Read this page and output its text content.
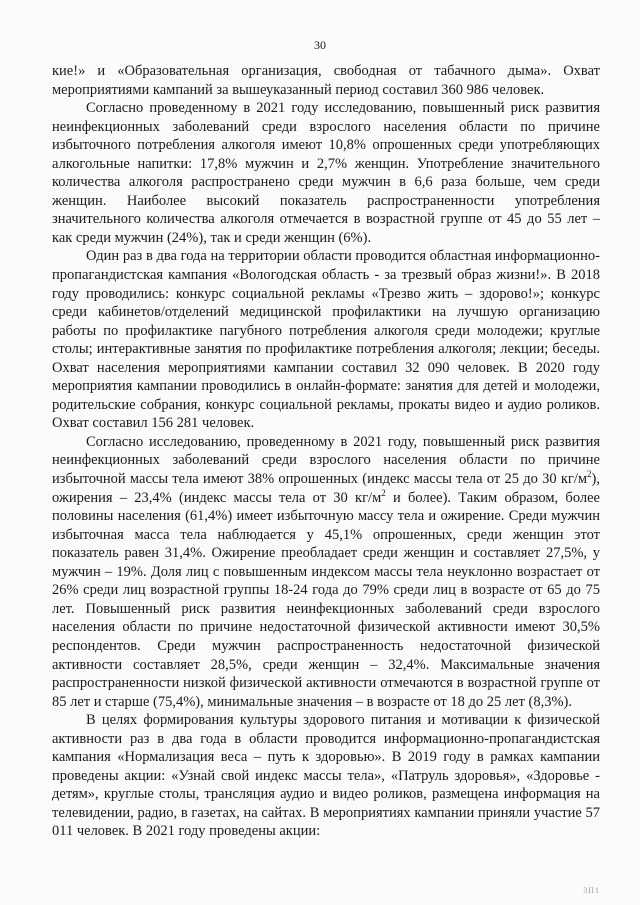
30

кие!» и «Образовательная организация, свободная от табачного дыма». Охват мероприятиями кампаний за вышеуказанный период составил 360 986 человек.

Согласно проведенному в 2021 году исследованию, повышенный риск развития неинфекционных заболеваний среди взрослого населения области по причине избыточного потребления алкоголя имеют 10,8% опрошенных среди употребляющих алкогольные напитки: 17,8% мужчин и 2,7% женщин. Употребление значительного количества алкоголя распространено среди мужчин в 6,6 раза больше, чем среди женщин. Наиболее высокий показатель распространенности употребления значительного количества алкоголя отмечается в возрастной группе от 45 до 55 лет – как среди мужчин (24%), так и среди женщин (6%).

Один раз в два года на территории области проводится областная информационно-пропагандистская кампания «Вологодская область - за трезвый образ жизни!». В 2018 году проводились: конкурс социальной рекламы «Трезво жить – здорово!»; конкурс среди кабинетов/отделений медицинской профилактики на лучшую организацию работы по профилактике пагубного потребления алкоголя среди молодежи; круглые столы; интерактивные занятия по профилактике потребления алкоголя; лекции; беседы. Охват населения мероприятиями кампании составил 32 090 человек. В 2020 году мероприятия кампании проводились в онлайн-формате: занятия для детей и молодежи, родительские собрания, конкурс социальной рекламы, прокаты видео и аудио роликов. Охват составил 156 281 человек.

Согласно исследованию, проведенному в 2021 году, повышенный риск развития неинфекционных заболеваний среди взрослого населения области по причине избыточной массы тела имеют 38% опрошенных (индекс массы тела от 25 до 30 $кг/м^2$), ожирения – 23,4% (индекс массы тела от 30 $кг/м^2$ и более). Таким образом, более половины населения (61,4%) имеет избыточную массу тела и ожирение. Среди мужчин избыточная масса тела наблюдается у 45,1% опрошенных, среди женщин этот показатель равен 31,4%. Ожирение преобладает среди женщин и составляет 27,5%, у мужчин – 19%. Доля лиц с повышенным индексом массы тела неуклонно возрастает от 26% среди лиц возрастной группы 18-24 года до 79% среди лиц в возрасте от 65 до 75 лет. Повышенный риск развития неинфекционных заболеваний среди взрослого населения области по причине недостаточной физической активности имеют 30,5% респондентов. Среди мужчин распространенность недостаточной физической активности составляет 28,5%, среди женщин – 32,4%. Максимальные значения распространенности низкой физической активности отмечаются в возрастной группе от 85 лет и старше (75,4%), минимальные значения – в возрасте от 18 до 25 лет (8,3%).

В целях формирования культуры здорового питания и мотивации к физической активности раз в два года в области проводится информационно-пропагандистская кампания «Нормализация веса – путь к здоровью». В 2019 году в рамках кампании проведены акции: «Узнай свой индекс массы тела», «Патруль здоровья», «Здоровье - детям», круглые столы, трансляция аудио и видео роликов, размещена информация на телевидении, радио, в газетах, на сайтах. В мероприятиях кампании приняли участие 57 011 человек. В 2021 году проведены акции:

3П1
